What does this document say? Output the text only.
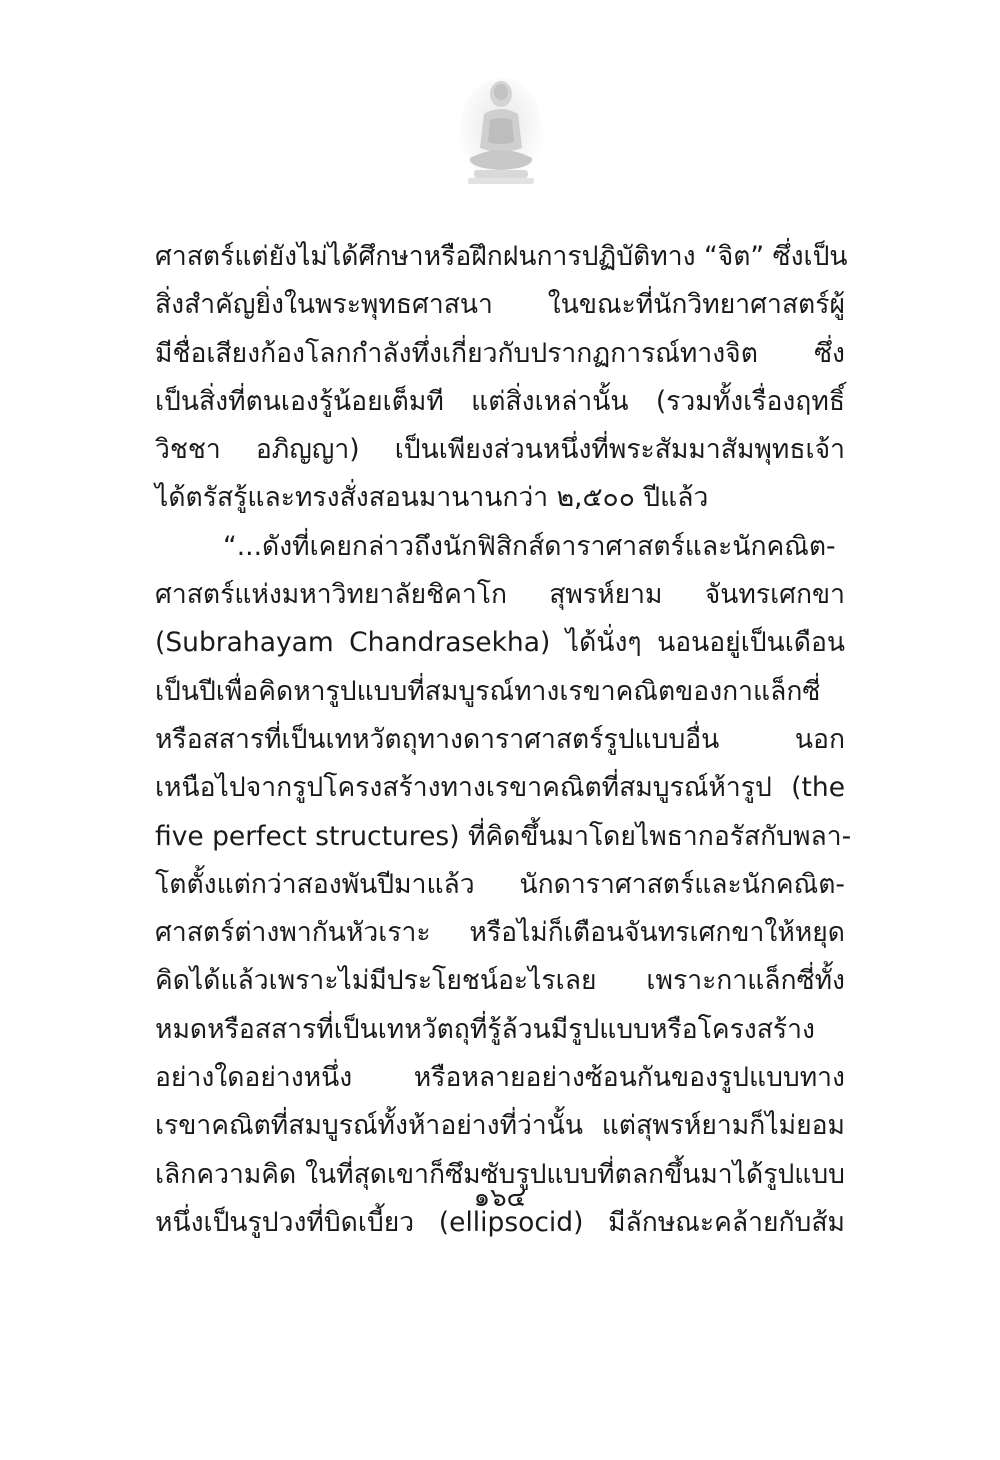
ศาสตร์แต่ยังไม่ได้ศึกษาหรือฝึกฝนการปฏิบัติทาง “จิต” ซึ่งเป็น
สิ่งสำคัญยิ่งในพระพุทธศาสนา ในขณะที่นักวิทยาศาสตร์ผู้
มีชื่อเสียงก้องโลกกำลังทึ่งเกี่ยวกับปรากฏการณ์ทางจิต ซึ่ง
เป็นสิ่งที่ตนเองรู้น้อยเต็มที แต่สิ่งเหล่านั้น (รวมทั้งเรื่องฤทธิ์
วิชชา อภิญญา) เป็นเพียงส่วนหนึ่งที่พระสัมมาสัมพุทธเจ้า
ได้ตรัสรู้และทรงสั่งสอนมานานกว่า ๒,๕๐๐ ปีแล้ว
“...ดังที่เคยกล่าวถึงนักฟิสิกส์ดาราศาสตร์และนักคณิต-
ศาสตร์แห่งมหาวิทยาลัยชิคาโก สุพรห์ยาม จันทรเศกขา
(Subrahayam Chandrasekha) ได้นั่งๆ นอนอยู่เป็นเดือน
เป็นปีเพื่อคิดหารูปแบบที่สมบูรณ์ทางเรขาคณิตของกาแล็กซี่
หรือสสารที่เป็นเทหวัตถุทางดาราศาสตร์รูปแบบอื่น นอก
เหนือไปจากรูปโครงสร้างทางเรขาคณิตที่สมบูรณ์ห้ารูป (the
five perfect structures) ที่คิดขึ้นมาโดยไพธากอรัสกับพลา-
โตตั้งแต่กว่าสองพันปีมาแล้ว นักดาราศาสตร์และนักคณิต-
ศาสตร์ต่างพากันหัวเราะ หรือไม่ก็เตือนจันทรเศกขาให้หยุด
คิดได้แล้วเพราะไม่มีประโยชน์อะไรเลย เพราะกาแล็กซี่ทั้ง
หมดหรือสสารที่เป็นเทหวัตถุที่รู้ล้วนมีรูปแบบหรือโครงสร้าง
อย่างใดอย่างหนึ่ง หรือหลายอย่างซ้อนกันของรูปแบบทาง
เรขาคณิตที่สมบูรณ์ทั้งห้าอย่างที่ว่านั้น แต่สุพรห์ยามก็ไม่ยอม
เลิกความคิด ในที่สุดเขาก็ซึมซับรูปแบบที่ตลกขึ้นมาได้รูปแบบ
หนึ่งเป็นรูปวงที่บิดเบี้ยว (ellipsocid) มีลักษณะคล้ายกับส้ม
๑๖๔
